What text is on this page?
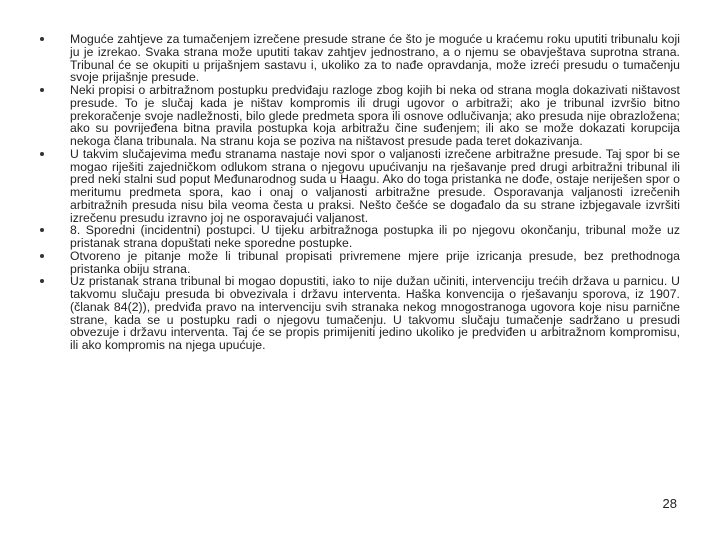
Moguće zahtjeve za tumačenjem izrečene presude strane će što je moguće u kraćemu roku uputiti tribunalu koji ju je izrekao. Svaka strana može uputiti takav zahtjev jednostrano, a o njemu se obavještava suprotna strana. Tribunal će se okupiti u prijašnjem sastavu i, ukoliko za to nađe opravdanja, može izreći presudu o tumačenju svoje prijašnje presude.
Neki propisi o arbitražnom postupku predviđaju razloge zbog kojih bi neka od strana mogla dokazivati ništavost presude. To je slučaj kada je ništav kompromis ili drugi ugovor o arbitraži; ako je tribunal izvršio bitno prekoračenje svoje nadležnosti, bilo glede predmeta spora ili osnove odlučivanja; ako presuda nije obrazložena; ako su povrijeđena bitna pravila postupka koja arbitražu čine suđenjem; ili ako se može dokazati korupcija nekoga člana tribunala. Na stranu koja se poziva na ništavost presude pada teret dokazivanja.
U takvim slučajevima među stranama nastaje novi spor o valjanosti izrečene arbitražne presude. Taj spor bi se mogao riješiti zajedničkom odlukom strana o njegovu upućivanju na rješavanje pred drugi arbitražni tribunal ili pred neki stalni sud poput Međunarodnog suda u Haagu. Ako do toga pristanka ne dođe, ostaje neriješen spor o meritumu predmeta spora, kao i onaj o valjanosti arbitražne presude. Osporavanja valjanosti izrečenih arbitražnih presuda nisu bila veoma česta u praksi. Nešto češće se događalo da su strane izbjegavale izvršiti izrečenu presudu izravno joj ne osporavajući valjanost.
8. Sporedni (incidentni) postupci. U tijeku arbitražnoga postupka ili po njegovu okončanju, tribunal može uz pristanak strana dopuštati neke sporedne postupke.
Otvoreno je pitanje može li tribunal propisati privremene mjere prije izricanja presude, bez prethodnoga pristanka obiju strana.
Uz pristanak strana tribunal bi mogao dopustiti, iako to nije dužan učiniti, intervenciju trećih država u parnicu. U takvomu slučaju presuda bi obvezivala i državu interventa. Haška konvencija o rješavanju sporova, iz 1907. (članak 84(2)), predviđa pravo na intervenciju svih stranaka nekog mnogostranoga ugovora koje nisu parnične strane, kada se u postupku radi o njegovu tumačenju. U takvomu slučaju tumačenje sadržano u presudi obvezuje i državu interventa. Taj će se propis primijeniti jedino ukoliko je predviđen u arbitražnom kompromisu, ili ako kompromis na njega upućuje.
28
